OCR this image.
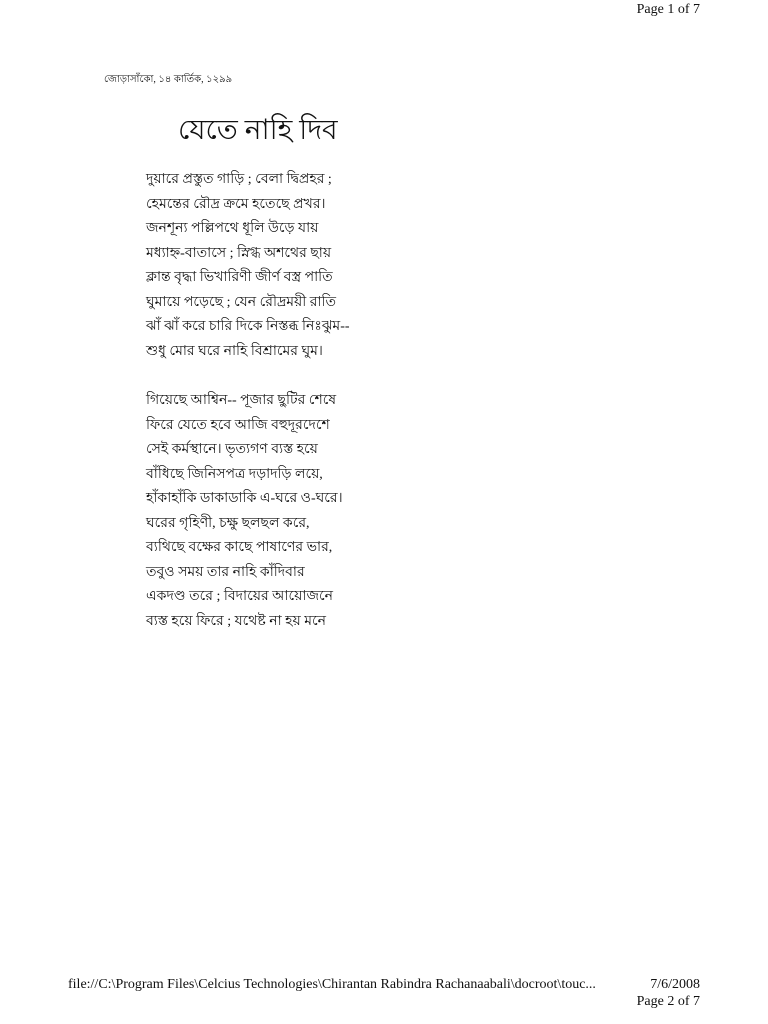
Page 1 of 7
জোড়াসাঁকো, ১৪ কার্তিক, ১২৯৯
যেতে নাহি দিব
দুয়ারে প্রস্তুত গাড়ি ; বেলা দ্বিপ্রহর ;
হেমন্তের রৌদ্র ক্রমে হতেছে প্রখর।
জনশূন্য পল্লিপথে ধূলি উড়ে যায়
মধ্যাহ্ন-বাতাসে ; স্নিগ্ধ অশথের ছায়
ক্লান্ত বৃদ্ধা ভিখারিণী জীর্ণ বস্ত্র পাতি
ঘুমায়ে পড়েছে ; যেন রৌদ্রময়ী রাতি
ঝাঁ ঝাঁ করে চারি দিকে নিস্তব্ধ নিঃঝুম--
শুধু মোর ঘরে নাহি বিশ্রামের ঘুম।
গিয়েছে আশ্বিন-- পূজার ছুটির শেষে
ফিরে যেতে হবে আজি বহুদূরদেশে
সেই কর্মস্থানে। ভৃত্যগণ ব্যস্ত হয়ে
বাঁধিছে জিনিসপত্র দড়াদড়ি লয়ে,
হাঁকাহাঁকি ডাকাডাকি এ-ঘরে ও-ঘরে।
ঘরের গৃহিণী, চক্ষু ছলছল করে,
ব্যথিছে বক্ষের কাছে পাষাণের ভার,
তবুও সময় তার নাহি কাঁদিবার
একদণ্ড তরে ; বিদায়ের আয়োজনে
ব্যস্ত হয়ে ফিরে ; যথেষ্ট না হয় মনে
file://C:\Program Files\Celcius Technologies\Chirantan Rabindra Rachanaabali\docroot\touc...	7/6/2008
Page 2 of 7
